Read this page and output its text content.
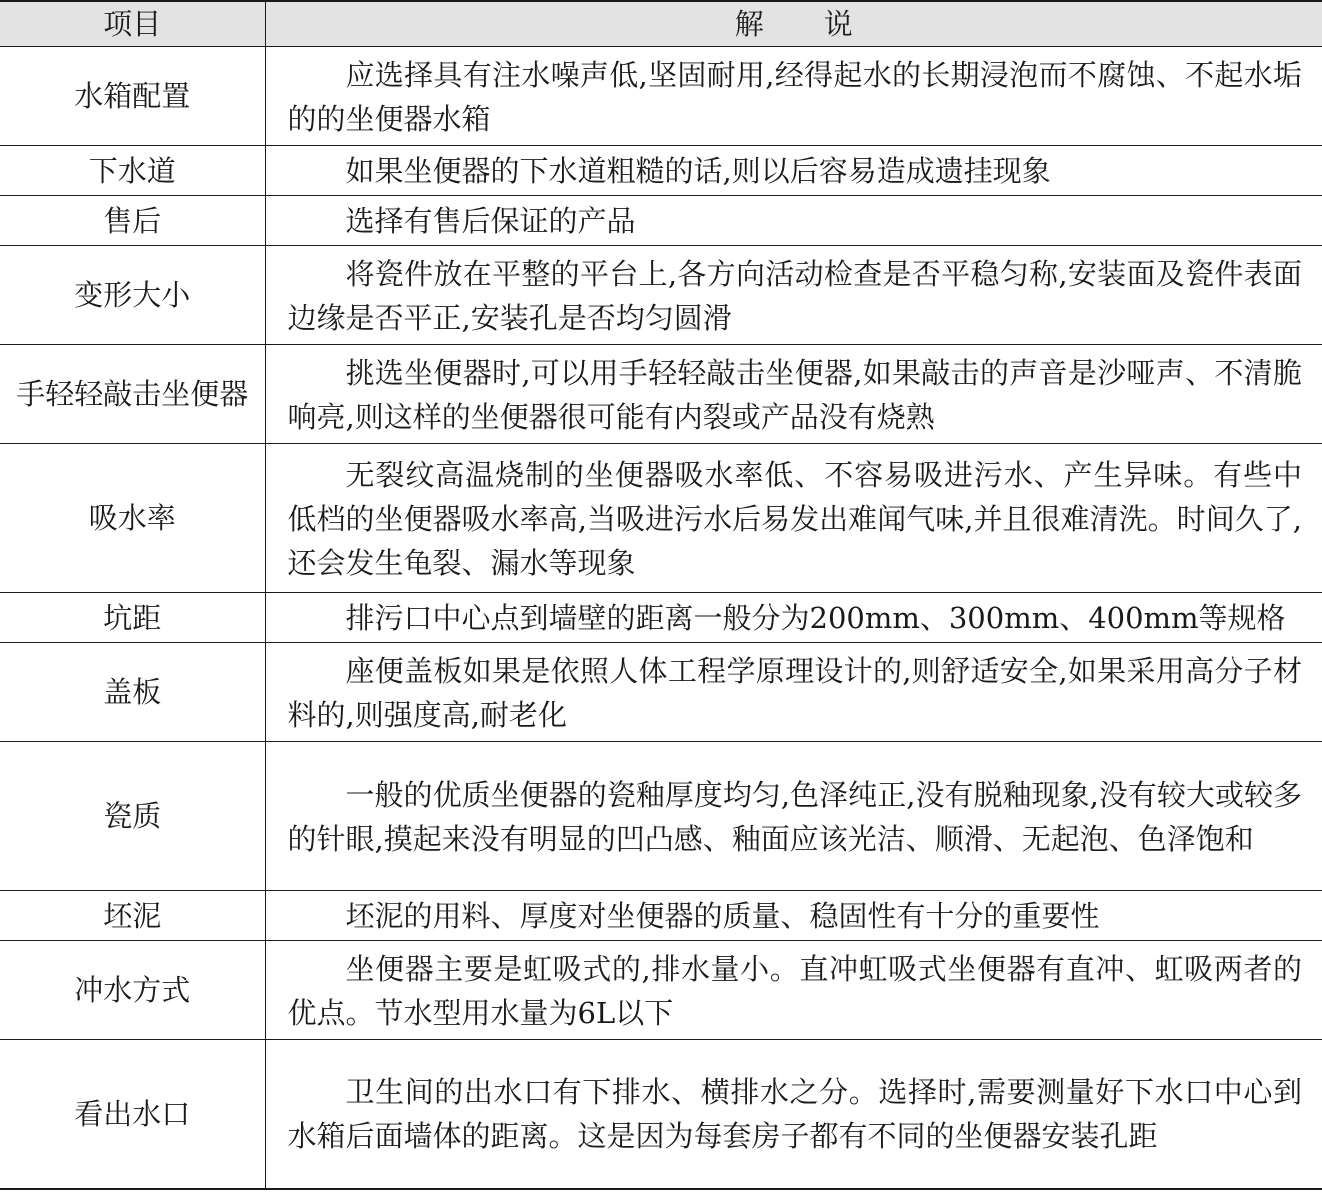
项目	解说
水箱配置	应选择具有注水噪声低,坚固耐用,经得起水的长期浸泡而不腐蚀、不起水垢的的坐便器水箱
下水道	如果坐便器的下水道粗糙的话,则以后容易造成遗挂现象
售后	选择有售后保证的产品
变形大小	将瓷件放在平整的平台上,各方向活动检查是否平稳匀称,安装面及瓷件表面边缘是否平正,安装孔是否均匀圆滑
手轻轻敲击坐便器	挑选坐便器时,可以用手轻轻敲击坐便器,如果敲击的声音是沙哑声、不清脆响亮,则这样的坐便器很可能有内裂或产品没有烧熟
吸水率	无裂纹高温烧制的坐便器吸水率低、不容易吸进污水、产生异味。有些中低档的坐便器吸水率高,当吸进污水后易发出难闻气味,并且很难清洗。时间久了,还会发生龟裂、漏水等现象
坑距	排污口中心点到墙壁的距离一般分为200mm、300mm、400mm等规格
盖板	座便盖板如果是依照人体工程学原理设计的,则舒适安全,如果采用高分子材料的,则强度高,耐老化
瓷质	一般的优质坐便器的瓷釉厚度均匀,色泽纯正,没有脱釉现象,没有较大或较多的针眼,摸起来没有明显的凹凸感、釉面应该光洁、顺滑、无起泡、色泽饱和
坯泥	坯泥的用料、厚度对坐便器的质量、稳固性有十分的重要性
冲水方式	坐便器主要是虹吸式的,排水量小。直冲虹吸式坐便器有直冲、虹吸两者的优点。节水型用水量为6L以下
看出水口	卫生间的出水口有下排水、横排水之分。选择时,需要测量好下水口中心到水箱后面墙体的距离。这是因为每套房子都有不同的坐便器安装孔距
